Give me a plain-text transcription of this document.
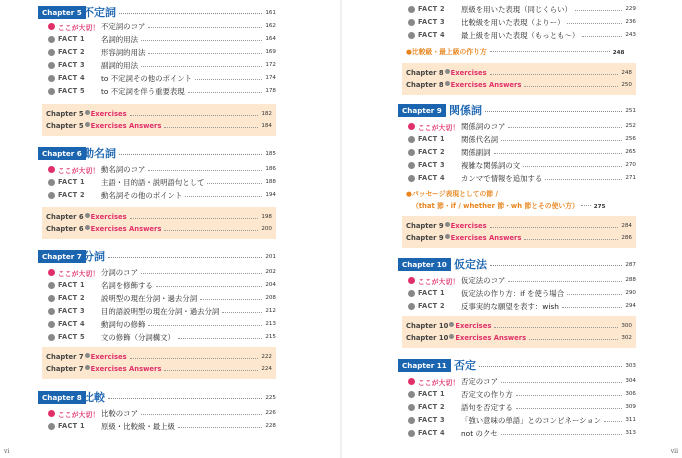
Chapter 5 不定詞	161
ここが大切！ 不定詞のコア	162
FACT 1 名詞的用法	164
FACT 2 形容詞的用法	169
FACT 3 副詞的用法	172
FACT 4 to 不定詞その他のポイント	174
FACT 5 to 不定詞を伴う重要表現	178
Chapter 5 Exercises	182
Chapter 5 Exercises Answers	184
Chapter 6 動名詞	185
ここが大切！ 動名詞のコア	186
FACT 1 主語・目的語・説明語句として	188
FACT 2 動名詞その他のポイント	194
Chapter 6 Exercises	198
Chapter 6 Exercises Answers	200
Chapter 7 分詞	201
ここが大切！ 分詞のコア	202
FACT 1 名詞を修飾する	204
FACT 2 説明型の現在分詞・過去分詞	208
FACT 3 目的語説明型の現在分詞・過去分詞	212
FACT 4 動詞句の修飾	213
FACT 5 文の修飾（分詞構文）	215
Chapter 7 Exercises	222
Chapter 7 Exercises Answers	224
Chapter 8 比較	225
ここが大切！ 比較のコア	226
FACT 1 原級・比較級・最上級	228
vi
FACT 2 原級を用いた表現（同じくらい）	229
FACT 3 比較級を用いた表現（よりー）	236
FACT 4 最上級を用いた表現（もっとも～）	243
●比較級・最上級の作り方	248
Chapter 8 Exercises	248
Chapter 8 Exercises Answers	250
Chapter 9 関係詞	251
ここが大切！ 関係詞のコア	252
FACT 1 関係代名詞	256
FACT 2 関係副詞	265
FACT 3 複雑な関係詞の文	270
FACT 4 カンマで情報を追加する	271
●パッセージ表現としての節 /
（that 節・if / whether 節・wh 節とその使い方）	275
Chapter 9 Exercises	284
Chapter 9 Exercises Answers	286
Chapter 10 仮定法	287
ここが大切！ 仮定法のコア	288
FACT 1 仮定法の作り方：if を使う場合	290
FACT 2 反事実的な願望を表す：wish	294
Chapter 10 Exercises	300
Chapter 10 Exercises Answers	302
Chapter 11 否定	303
ここが大切！ 否定のコア	304
FACT 1 否定文の作り方	306
FACT 2 語句を否定する	309
FACT 3 「強い意味の単語」とのコンビネーション	311
FACT 4 not のクセ	313
vii
